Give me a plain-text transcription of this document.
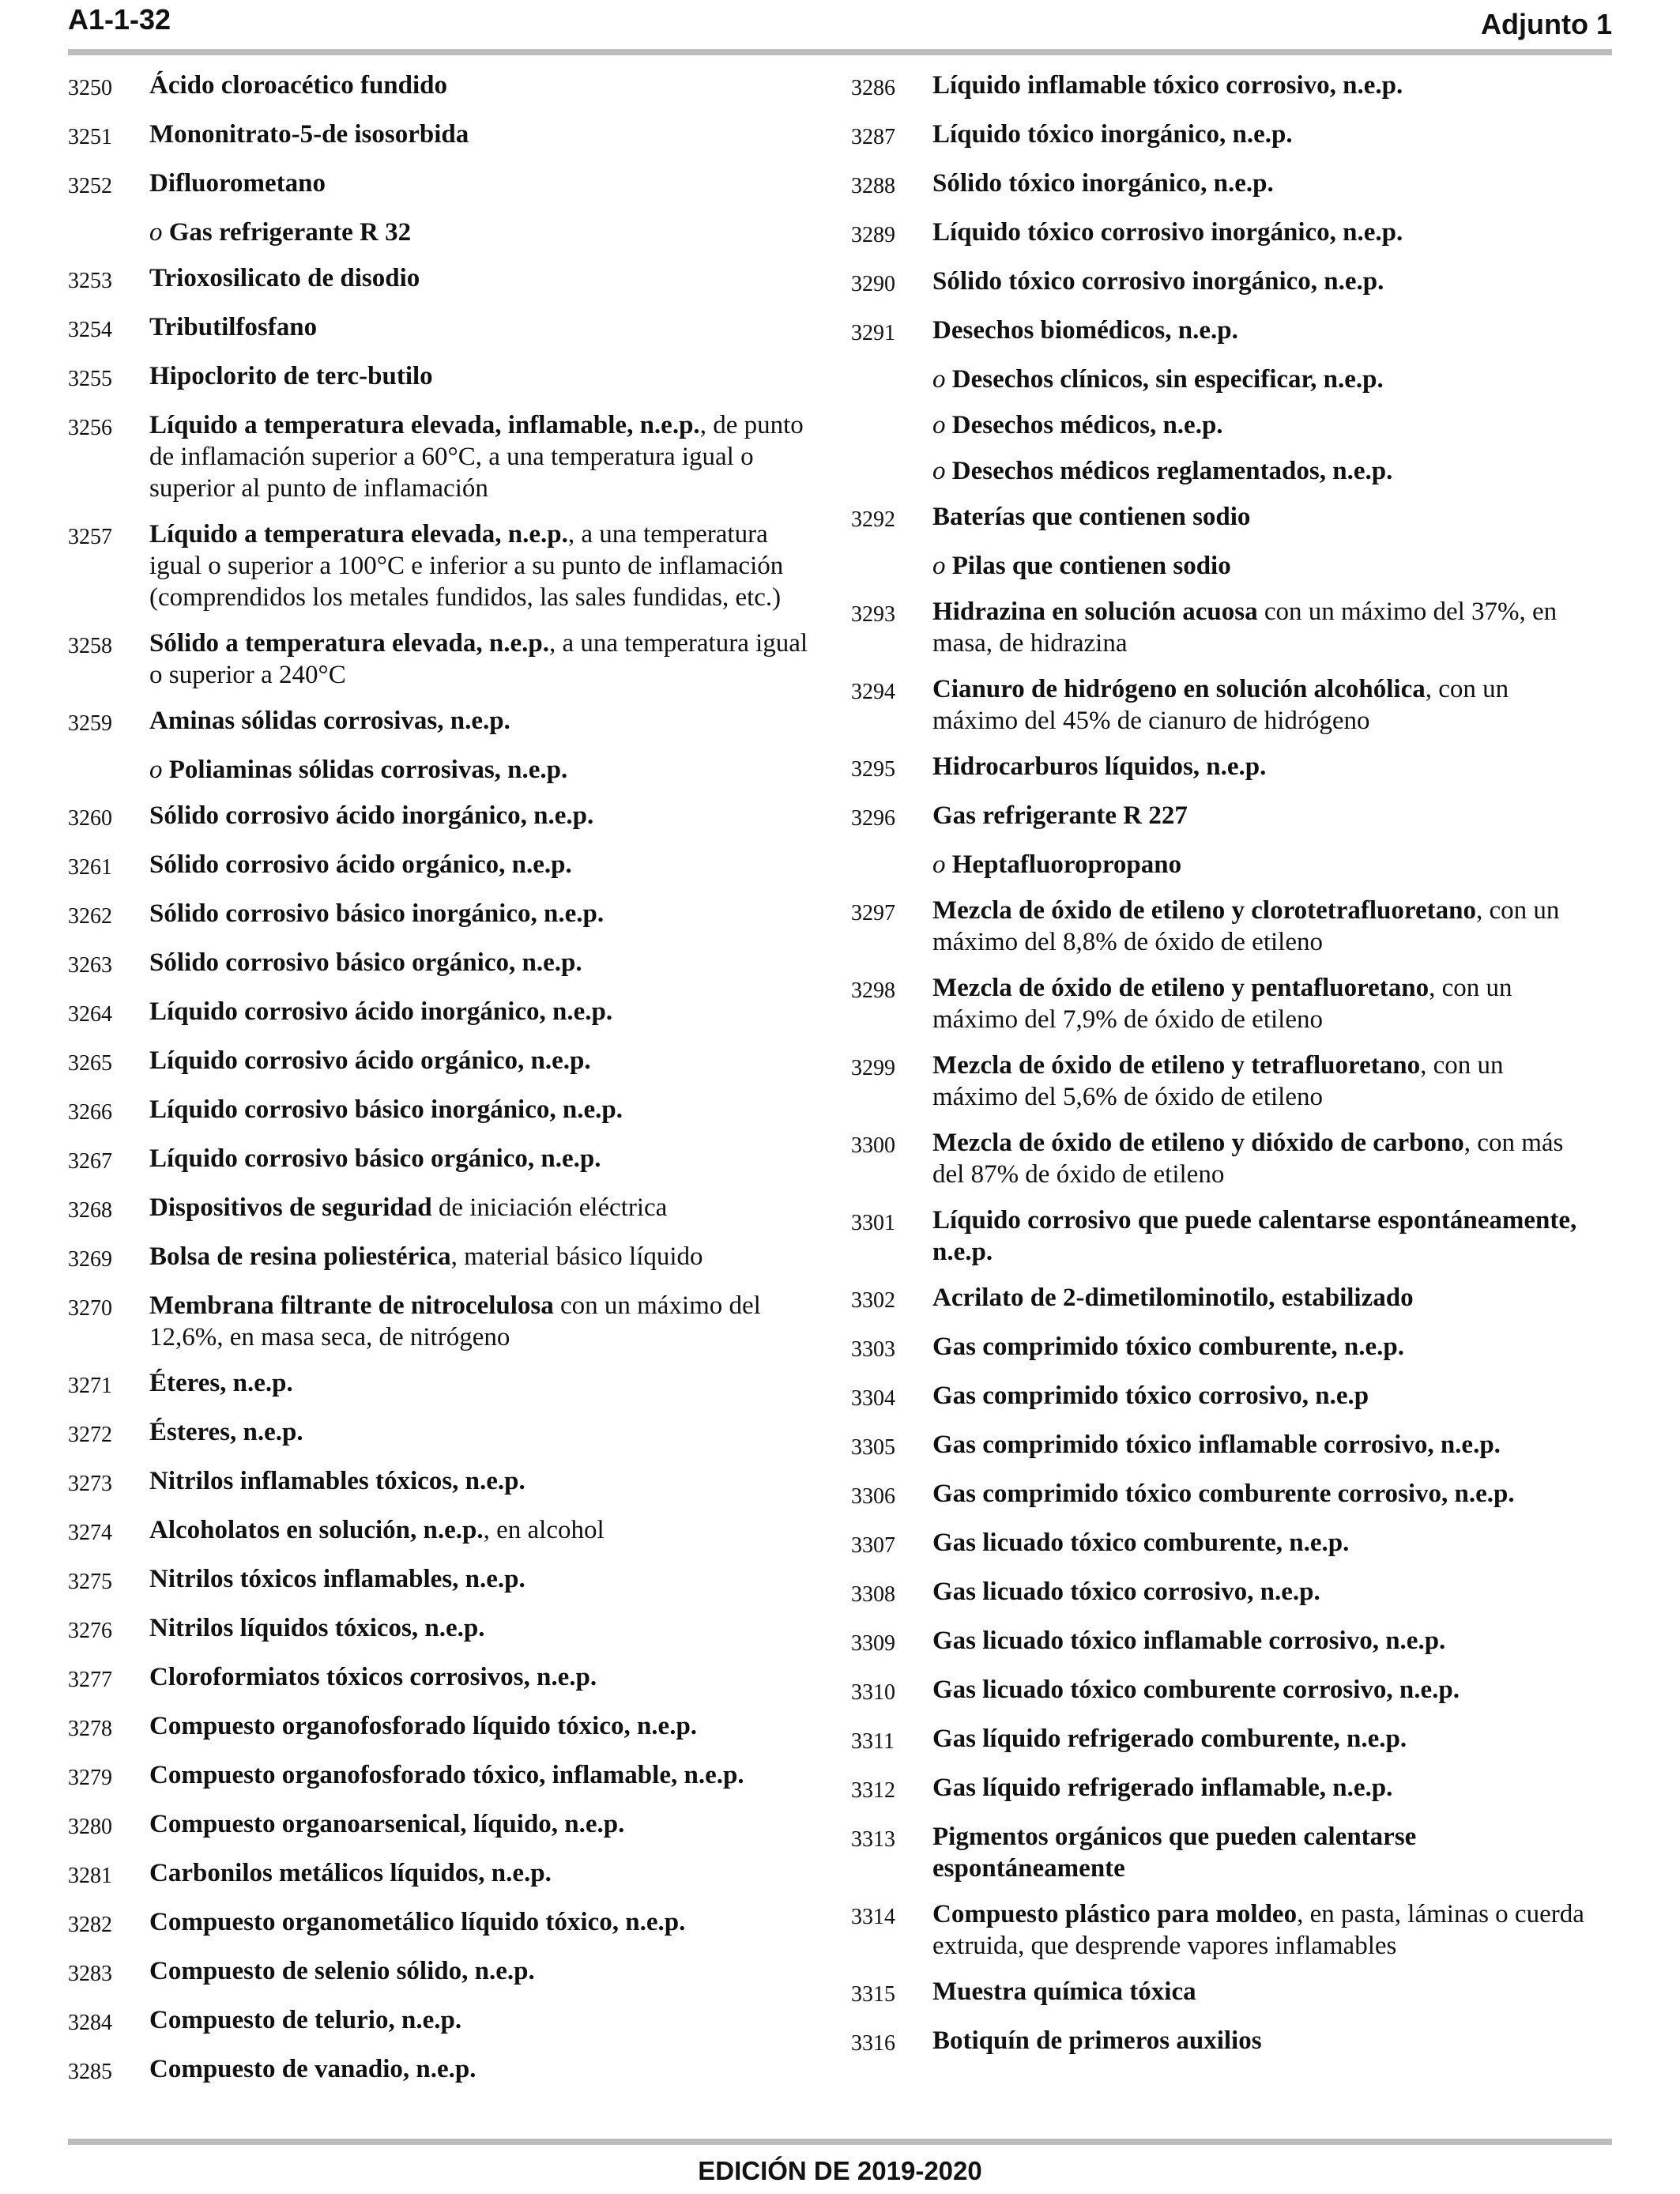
A1-1-32	Adjunto 1
3250	Ácido cloroacético fundido
3251	Mononitrato-5-de isosorbida
3252	Difluorometano
o Gas refrigerante R 32
3253	Trioxosilicato de disodio
3254	Tributilfosfano
3255	Hipoclorito de terc-butilo
3256	Líquido a temperatura elevada, inflamable, n.e.p., de punto de inflamación superior a 60°C, a una temperatura igual o superior al punto de inflamación
3257	Líquido a temperatura elevada, n.e.p., a una temperatura igual o superior a 100°C e inferior a su punto de inflamación (comprendidos los metales fundidos, las sales fundidas, etc.)
3258	Sólido a temperatura elevada, n.e.p., a una temperatura igual o superior a 240°C
3259	Aminas sólidas corrosivas, n.e.p.
o Poliaminas sólidas corrosivas, n.e.p.
3260	Sólido corrosivo ácido inorgánico, n.e.p.
3261	Sólido corrosivo ácido orgánico, n.e.p.
3262	Sólido corrosivo básico inorgánico, n.e.p.
3263	Sólido corrosivo básico orgánico, n.e.p.
3264	Líquido corrosivo ácido inorgánico, n.e.p.
3265	Líquido corrosivo ácido orgánico, n.e.p.
3266	Líquido corrosivo básico inorgánico, n.e.p.
3267	Líquido corrosivo básico orgánico, n.e.p.
3268	Dispositivos de seguridad de iniciación eléctrica
3269	Bolsa de resina poliestérica, material básico líquido
3270	Membrana filtrante de nitrocelulosa con un máximo del 12,6%, en masa seca, de nitrógeno
3271	Éteres, n.e.p.
3272	Ésteres, n.e.p.
3273	Nitrilos inflamables tóxicos, n.e.p.
3274	Alcoholatos en solución, n.e.p., en alcohol
3275	Nitrilos tóxicos inflamables, n.e.p.
3276	Nitrilos líquidos tóxicos, n.e.p.
3277	Cloroformiatos tóxicos corrosivos, n.e.p.
3278	Compuesto organofosforado líquido tóxico, n.e.p.
3279	Compuesto organofosforado tóxico, inflamable, n.e.p.
3280	Compuesto organoarsenical, líquido, n.e.p.
3281	Carbonilos metálicos líquidos, n.e.p.
3282	Compuesto organometálico líquido tóxico, n.e.p.
3283	Compuesto de selenio sólido, n.e.p.
3284	Compuesto de telurio, n.e.p.
3285	Compuesto de vanadio, n.e.p.
3286	Líquido inflamable tóxico corrosivo, n.e.p.
3287	Líquido tóxico inorgánico, n.e.p.
3288	Sólido tóxico inorgánico, n.e.p.
3289	Líquido tóxico corrosivo inorgánico, n.e.p.
3290	Sólido tóxico corrosivo inorgánico, n.e.p.
3291	Desechos biomédicos, n.e.p.
o Desechos clínicos, sin especificar, n.e.p.
o Desechos médicos, n.e.p.
o Desechos médicos reglamentados, n.e.p.
3292	Baterías que contienen sodio
o Pilas que contienen sodio
3293	Hidrazina en solución acuosa con un máximo del 37%, en masa, de hidrazina
3294	Cianuro de hidrógeno en solución alcohólica, con un máximo del 45% de cianuro de hidrógeno
3295	Hidrocarburos líquidos, n.e.p.
3296	Gas refrigerante R 227
o Heptafluoropropano
3297	Mezcla de óxido de etileno y clorotetrafluoretano, con un máximo del 8,8% de óxido de etileno
3298	Mezcla de óxido de etileno y pentafluoretano, con un máximo del 7,9% de óxido de etileno
3299	Mezcla de óxido de etileno y tetrafluoretano, con un máximo del 5,6% de óxido de etileno
3300	Mezcla de óxido de etileno y dióxido de carbono, con más del 87% de óxido de etileno
3301	Líquido corrosivo que puede calentarse espontáneamente, n.e.p.
3302	Acrilato de 2-dimetilominotilo, estabilizado
3303	Gas comprimido tóxico comburente, n.e.p.
3304	Gas comprimido tóxico corrosivo, n.e.p
3305	Gas comprimido tóxico inflamable corrosivo, n.e.p.
3306	Gas comprimido tóxico comburente corrosivo, n.e.p.
3307	Gas licuado tóxico comburente, n.e.p.
3308	Gas licuado tóxico corrosivo, n.e.p.
3309	Gas licuado tóxico inflamable corrosivo, n.e.p.
3310	Gas licuado tóxico comburente corrosivo, n.e.p.
3311	Gas líquido refrigerado comburente, n.e.p.
3312	Gas líquido refrigerado inflamable, n.e.p.
3313	Pigmentos orgánicos que pueden calentarse espontáneamente
3314	Compuesto plástico para moldeo, en pasta, láminas o cuerda extruida, que desprende vapores inflamables
3315	Muestra química tóxica
3316	Botiquín de primeros auxilios
EDICIÓN DE 2019-2020
